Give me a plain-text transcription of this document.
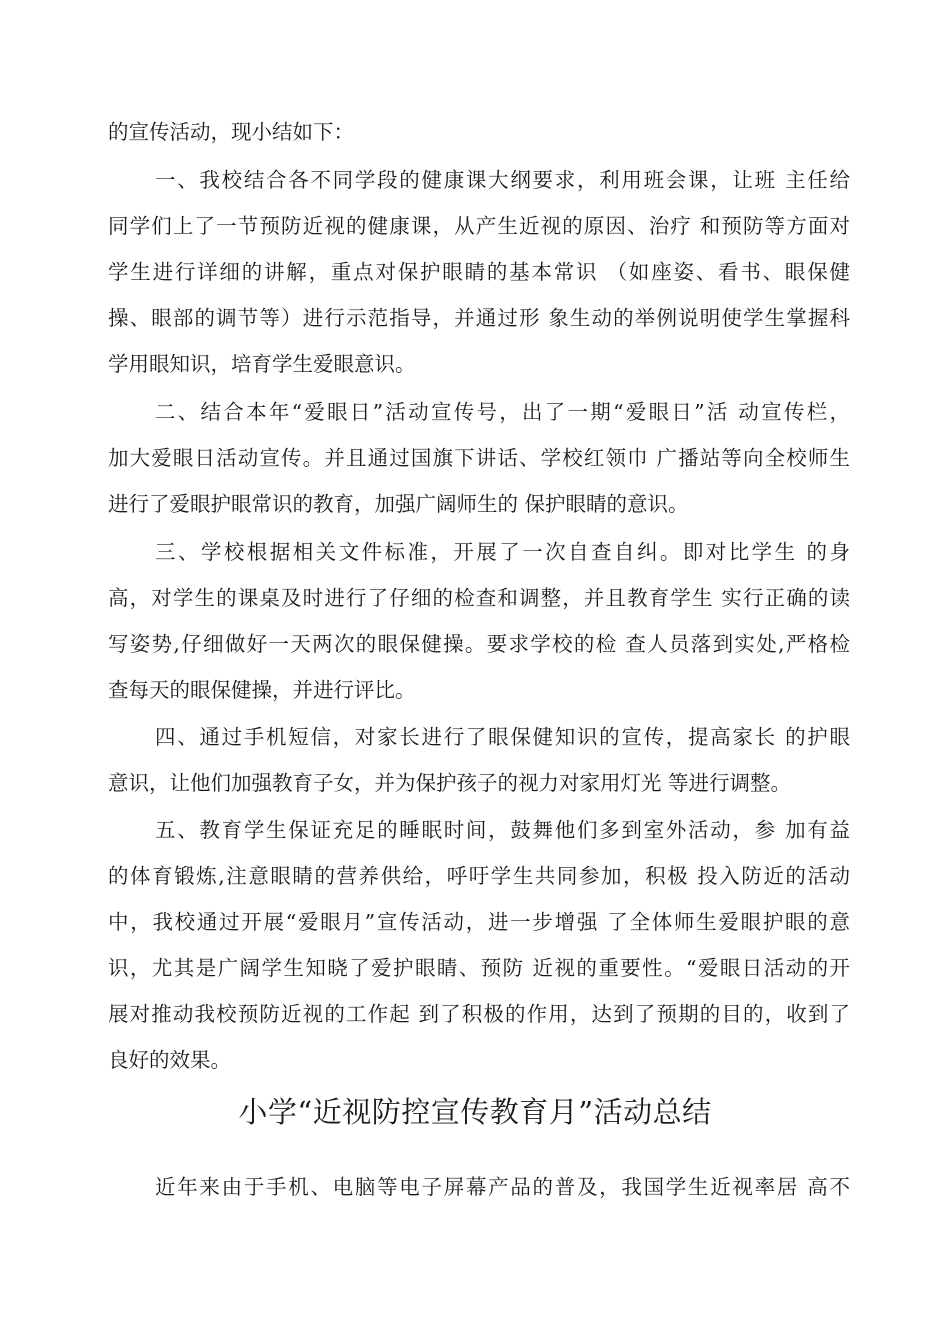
的宣传活动，现小结如下：
一、我校结合各不同学段的健康课大纲要求，利用班会课，让班 主任给
同学们上了一节预防近视的健康课，从产生近视的原因、治疗 和预防等方面对
学生进行详细的讲解，重点对保护眼睛的基本常识 （如座姿、看书、眼保健
操、眼部的调节等）进行示范指导，并通过形 象生动的举例说明使学生掌握科
学用眼知识，培育学生爱眼意识。
二、结合本年“爱眼日”活动宣传号，出了一期“爱眼日”活 动宣传栏，
加大爱眼日活动宣传。并且通过国旗下讲话、学校红领巾 广播站等向全校师生
进行了爱眼护眼常识的教育，加强广阔师生的 保护眼睛的意识。
三、学校根据相关文件标准，开展了一次自查自纠。即对比学生 的身
高，对学生的课桌及时进行了仔细的检查和调整，并且教育学生 实行正确的读
写姿势,仔细做好一天两次的眼保健操。要求学校的检 查人员落到实处,严格检
查每天的眼保健操，并进行评比。
四、通过手机短信，对家长进行了眼保健知识的宣传，提高家长 的护眼
意识，让他们加强教育子女，并为保护孩子的视力对家用灯光 等进行调整。
五、教育学生保证充足的睡眠时间，鼓舞他们多到室外活动，参 加有益
的体育锻炼,注意眼睛的营养供给，呼吁学生共同参加，积极 投入防近的活动
中，我校通过开展“爱眼月”宣传活动，进一步增强 了全体师生爱眼护眼的意
识，尤其是广阔学生知晓了爱护眼睛、预防 近视的重要性。“爱眼日活动的开
展对推动我校预防近视的工作起 到了积极的作用，达到了预期的目的，收到了
良好的效果。
小学“近视防控宣传教育月”活动总结
近年来由于手机、电脑等电子屏幕产品的普及，我国学生近视率居 高不
